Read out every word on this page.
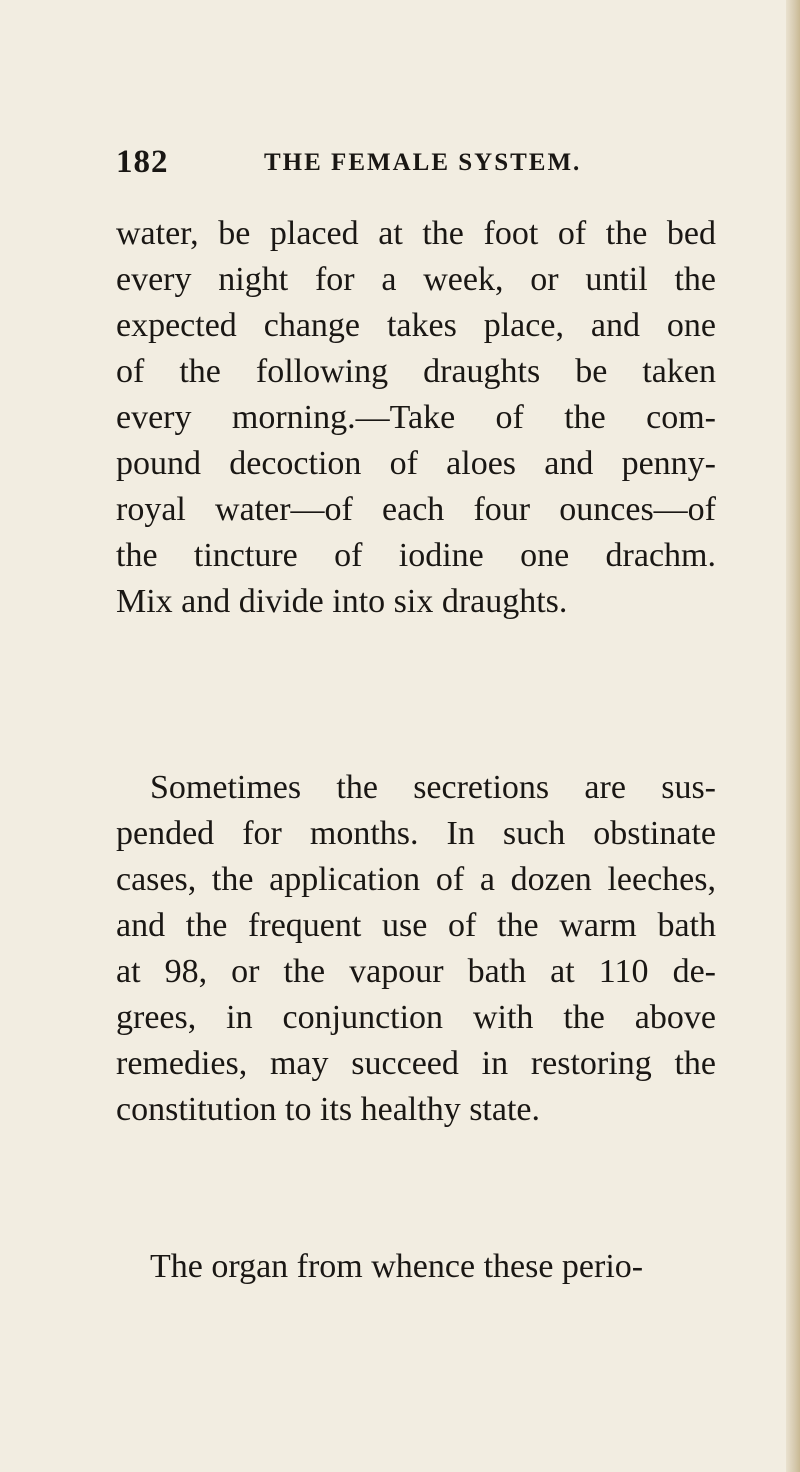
182	THE FEMALE SYSTEM.
water, be placed at the foot of the bed
every night for a week, or until the
expected change takes place, and one
of the following draughts be taken
every morning.—Take of the com-
pound decoction of aloes and penny-
royal water—of each four ounces—of
the tincture of iodine one drachm.
Mix and divide into six draughts.
Sometimes the secretions are sus-
pended for months. In such obstinate
cases, the application of a dozen leeches,
and the frequent use of the warm bath
at 98, or the vapour bath at 110 de-
grees, in conjunction with the above
remedies, may succeed in restoring the
constitution to its healthy state.
The organ from whence these perio-
